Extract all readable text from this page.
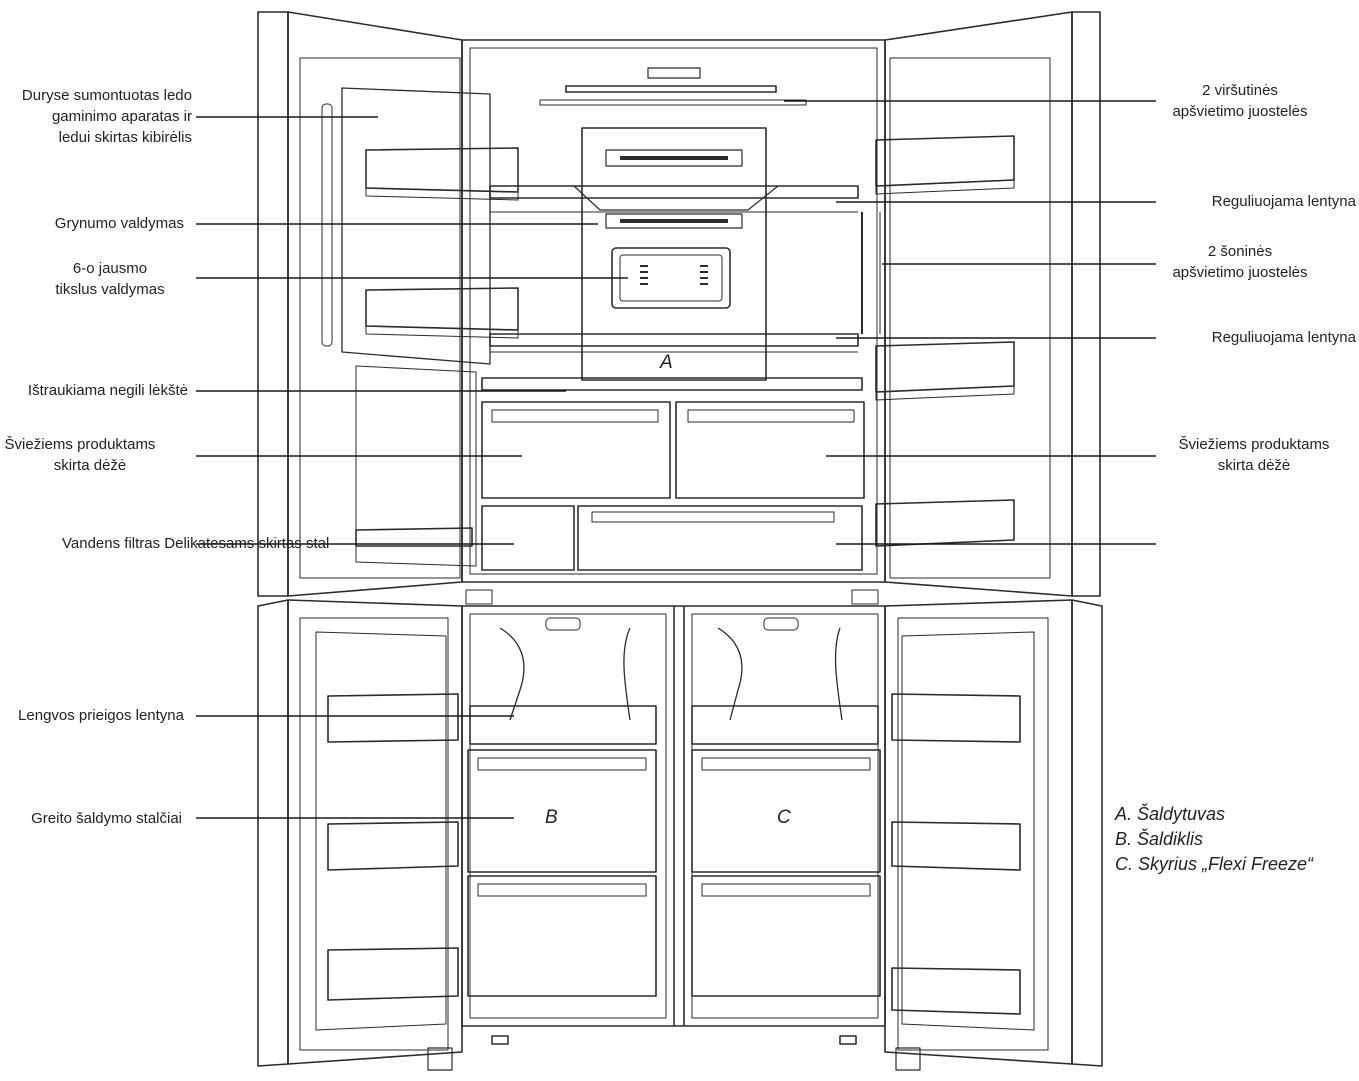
Duryse sumontuotas ledo
gaminimo aparatas ir
ledui skirtas kibirėlis
Grynumo valdymas
6-o jausmo
tikslus valdymas
Ištraukiama negili lėkštė
Šviežiems produktams
skirta dėžė
Vandens filtras Delikatesams skirtas stal
Lengvos prieigos lentyna
Greito šaldymo stalčiai
2 viršutinės
apšvietimo juostelės
Reguliuojama lentyna
2 šoninės
apšvietimo juostelės
Reguliuojama lentyna
Šviežiems produktams
skirta dėžė
A
B	C	A. Šaldytuvas
B. Šaldiklis
C. Skyrius „Flexi Freeze“
